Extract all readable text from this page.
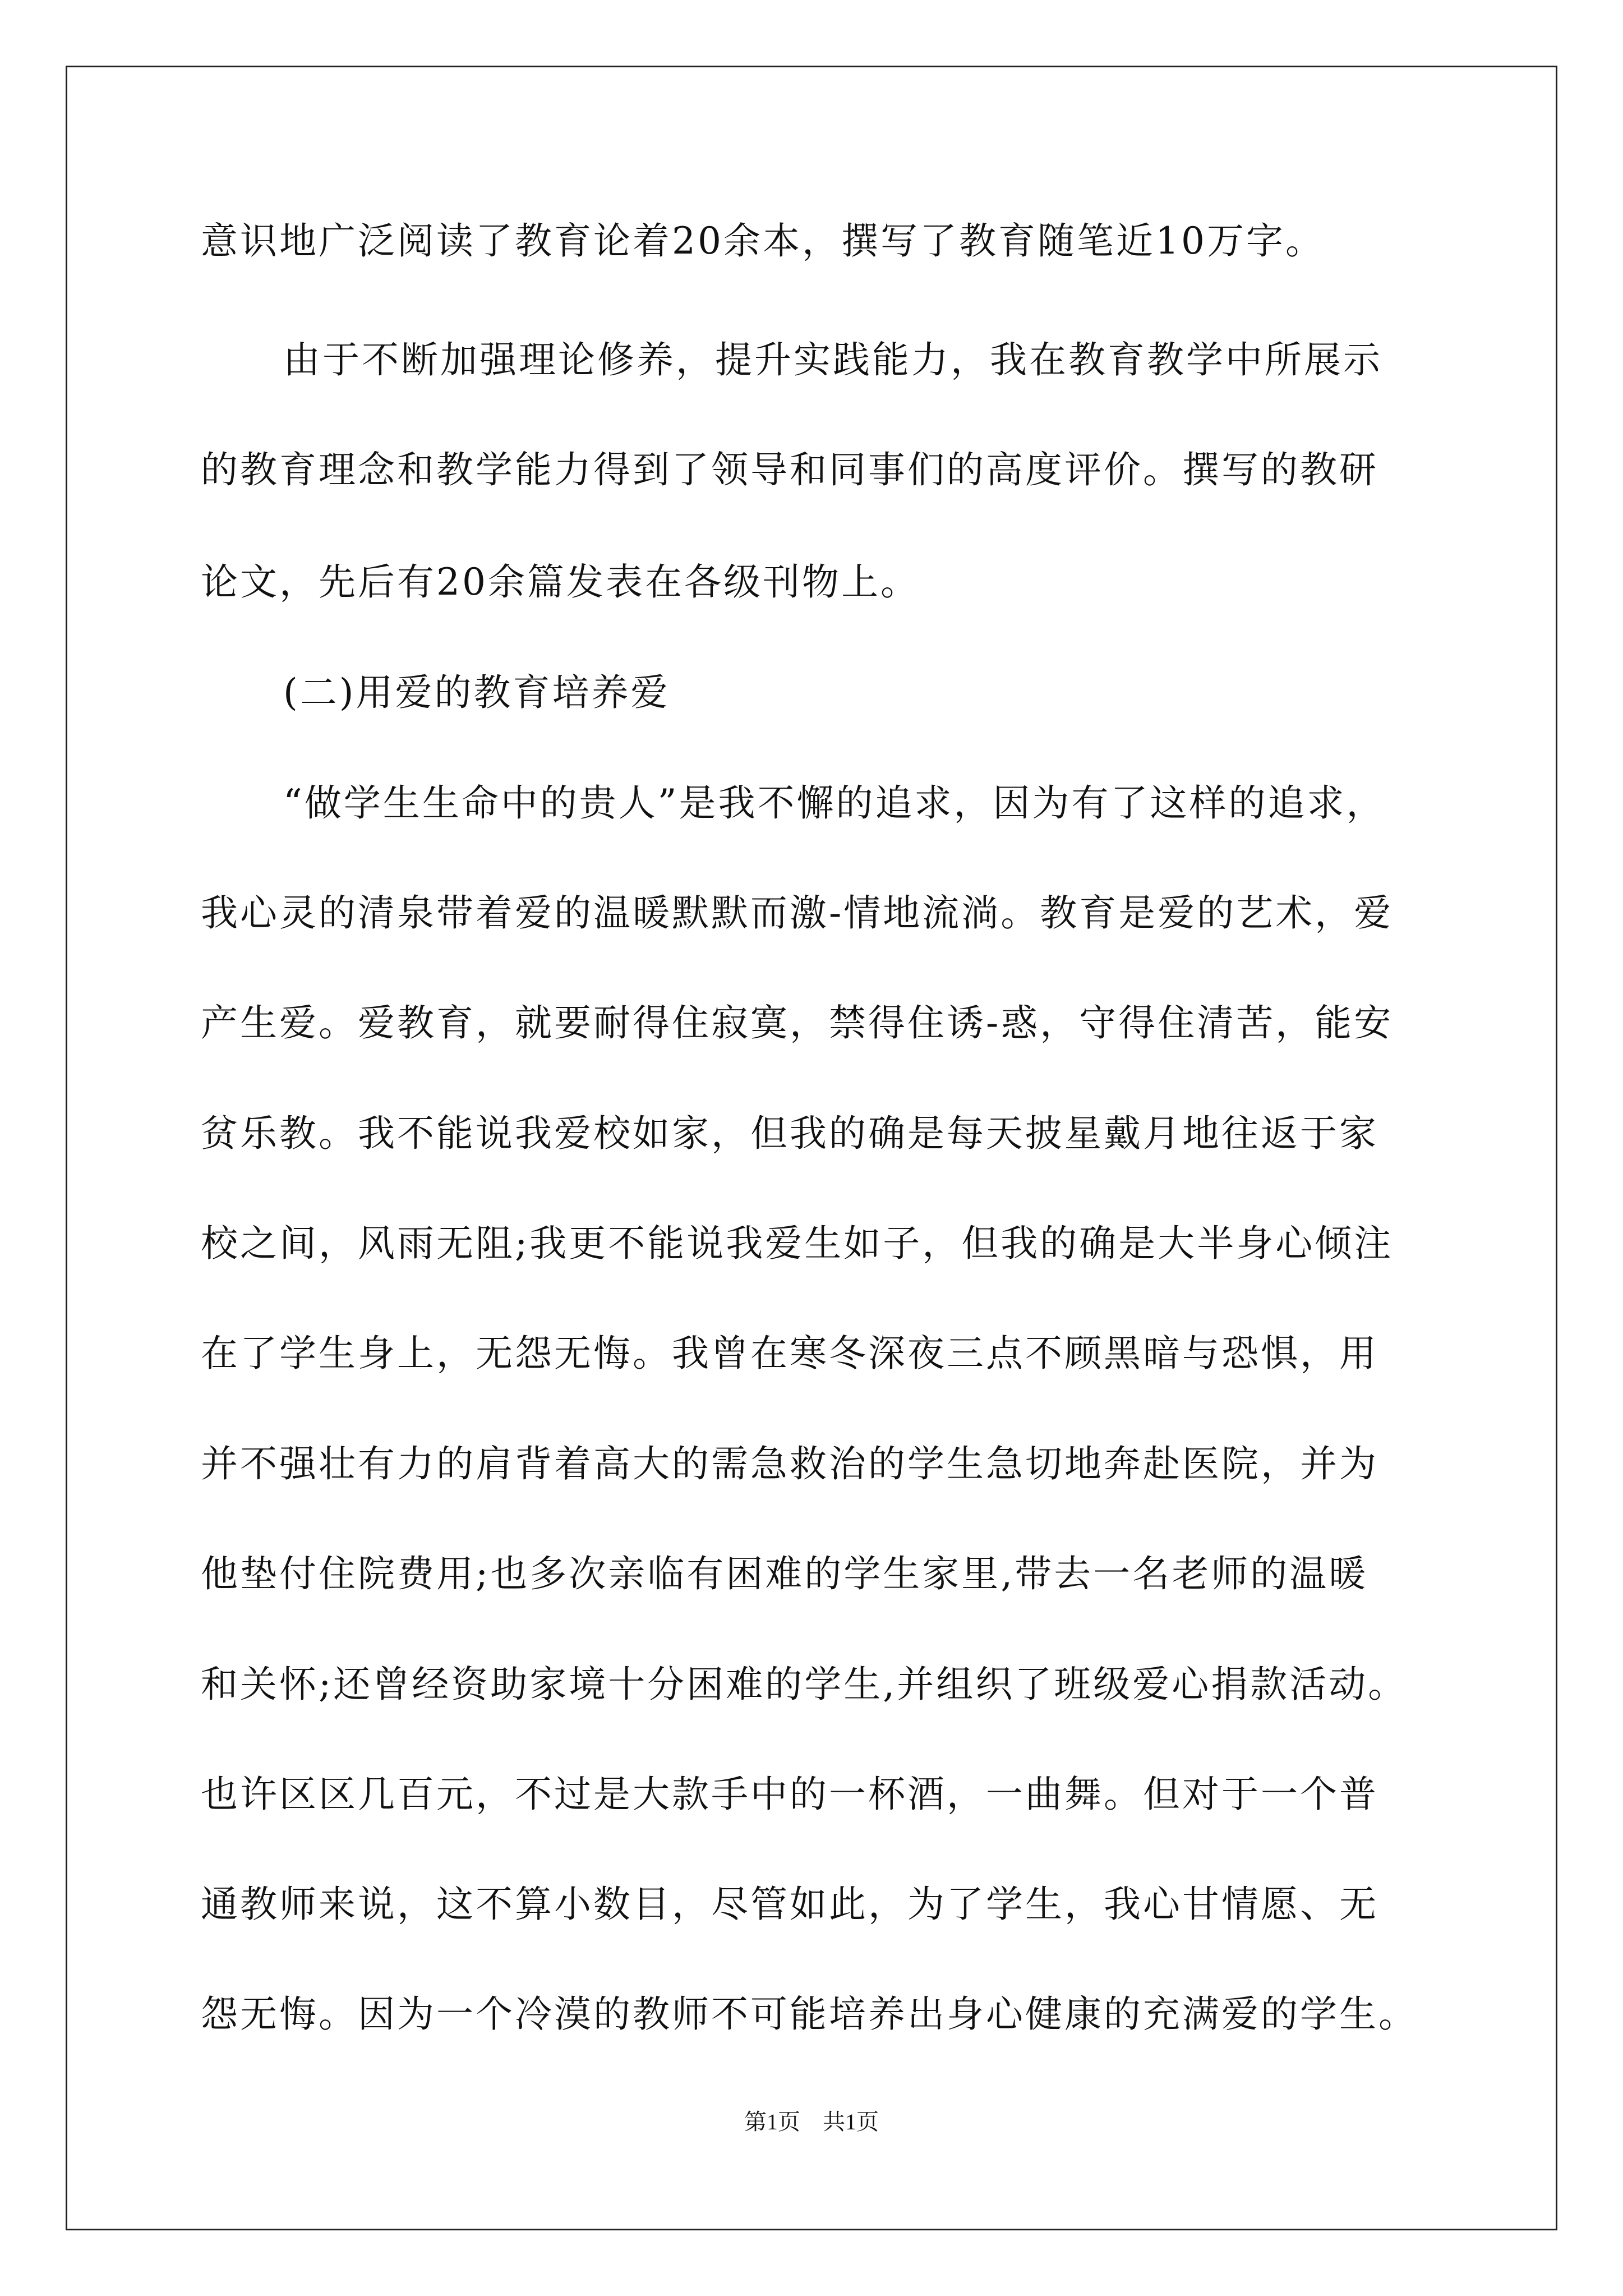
意识地广泛阅读了教育论着20余本，撰写了教育随笔近10万字。

由于不断加强理论修养，提升实践能力，我在教育教学中所展示

的教育理念和教学能力得到了领导和同事们的高度评价。撰写的教研

论文，先后有20余篇发表在各级刊物上。

(二)用爱的教育培养爱

“做学生生命中的贵人”是我不懈的追求，因为有了这样的追求，

我心灵的清泉带着爱的温暖默默而激-情地流淌。教育是爱的艺术，爱

产生爱。爱教育，就要耐得住寂寞，禁得住诱-惑，守得住清苦，能安

贫乐教。我不能说我爱校如家，但我的确是每天披星戴月地往返于家

校之间，风雨无阻;我更不能说我爱生如子，但我的确是大半身心倾注

在了学生身上，无怨无悔。我曾在寒冬深夜三点不顾黑暗与恐惧，用

并不强壮有力的肩背着高大的需急救治的学生急切地奔赴医院，并为

他垫付住院费用;也多次亲临有困难的学生家里,带去一名老师的温暖

和关怀;还曾经资助家境十分困难的学生,并组织了班级爱心捐款活动。

也许区区几百元，不过是大款手中的一杯酒，一曲舞。但对于一个普

通教师来说，这不算小数目，尽管如此，为了学生，我心甘情愿、无

怨无悔。因为一个冷漠的教师不可能培养出身心健康的充满爱的学生。

第1页　共1页
